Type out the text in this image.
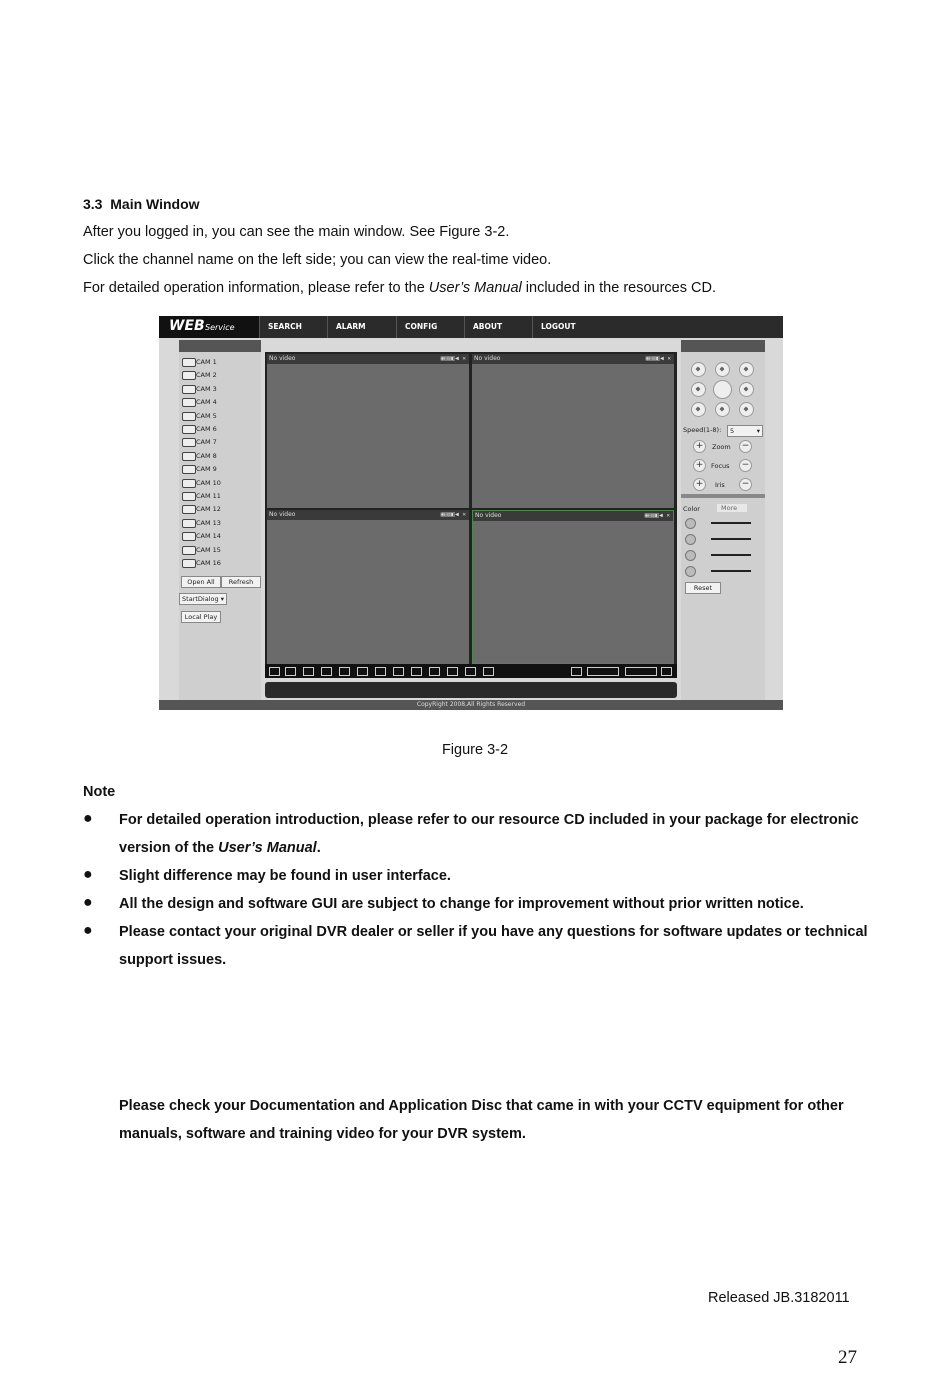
3.3 Main Window
After you logged in, you can see the main window. See Figure 3-2.
Click the channel name on the left side; you can view the real-time video.
For detailed operation information, please refer to the User’s Manual included in the resources CD.
WEB Service	SEARCH	ALARM	CONFIG	ABOUT	LOGOUT
CAM 1
CAM 2
CAM 3
CAM 4
CAM 5
CAM 6
CAM 7
CAM 8
CAM 9
CAM 10
CAM 11
CAM 12
CAM 13
CAM 14
CAM 15
CAM 16
Open All	Refresh
StartDialog ▾
Local Play
No video	▣▤▥◧◀ ✕ No video	▣▤▥◧◀ ✕
No video	▣▤▥◧◀ ✕ No video	▣▤▥◧◀ ✕
Speed(1-8):	5	▾
+	Zoom	−
+	Focus	−
+	Iris	−
Color	More
Reset
CopyRight 2008,All Rights Reserved
Figure 3-2
Note
● For detailed operation introduction, please refer to our resource CD included in your package for electronic version of the User’s Manual.
● Slight difference may be found in user interface.
● All the design and software GUI are subject to change for improvement without prior written notice.
● Please contact your original DVR dealer or seller if you have any questions for software updates or technical support issues.
Please check your Documentation and Application Disc that came in with your CCTV equipment for other manuals, software and training video for your DVR system.
Released JB.3182011
27
